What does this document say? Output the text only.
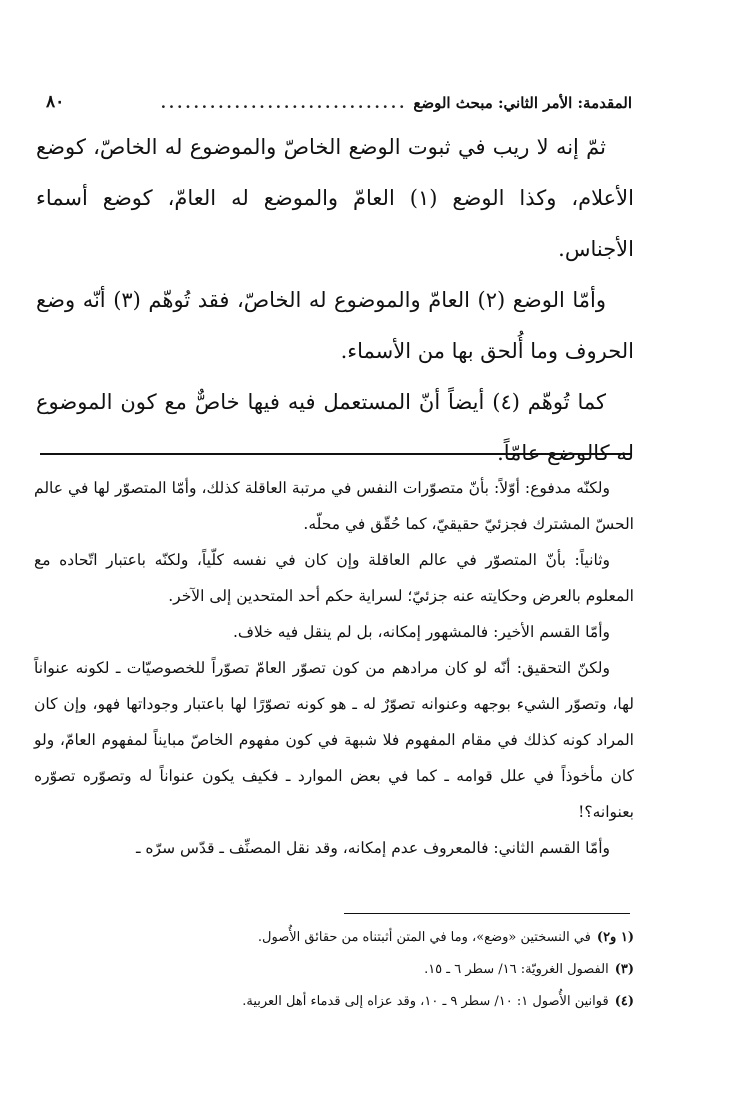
٨٠	.............................. المقدمة: الأمر الثاني: مبحث الوضع

ثمّ إنه لا ريب في ثبوت الوضع الخاصّ والموضوع له الخاصّ، كوضع الأعلام، وكذا الوضع (١) العامّ والموضع له العامّ، كوضع أسماء الأجناس.

وأمّا الوضع (٢) العامّ والموضوع له الخاصّ، فقد تُوهّم (٣) أنّه وضع الحروف وما أُلحق بها من الأسماء.

كما تُوهّم (٤) أيضاً أنّ المستعمل فيه فيها خاصٌّ مع كون الموضوع له كالوضع عامّاً.

ولكنّه مدفوع: أوّلاً: بأنّ متصوّرات النفس في مرتبة العاقلة كذلك، وأمّا المتصوّر لها في عالم الحسّ المشترك فجزئيّ حقيقيّ، كما حُقّق في محلّه.

وثانياً: بأنّ المتصوّر في عالم العاقلة وإن كان في نفسه كلّياً، ولكنّه باعتبار اتّحاده مع المعلوم بالعرض وحكايته عنه جزئيّ؛ لسراية حكم أحد المتحدين إلى الآخر.

وأمّا القسم الأخير: فالمشهور إمكانه، بل لم ينقل فيه خلاف.

ولكنّ التحقيق: أنّه لو كان مرادهم من كون تصوّر العامّ تصوّراً للخصوصيّات ـ لكونه عنواناً لها، وتصوّر الشيء بوجهه وعنوانه تصوّرٌ له ـ هو كونه تصوّرًا لها باعتبار وجوداتها فهو، وإن كان المراد كونه كذلك في مقام المفهوم فلا شبهة في كون مفهوم الخاصّ مبايناً لمفهوم العامّ، ولو كان مأخوذاً في علل قوامه ـ كما في بعض الموارد ـ فكيف يكون عنواناً له وتصوّره تصوّره بعنوانه؟!

وأمّا القسم الثاني: فالمعروف عدم إمكانه، وقد نقل المصنِّف ـ قدّس سرّه ـ

(١ و٢)في النسختين «وضع»، وما في المتن أثبتناه من حقائق الأُصول.

(٣)الفصول الغرويّة: ١٦/ سطر ٦ ـ ١٥.

(٤)قوانين الأُصول ١: ١٠/ سطر ٩ ـ ١٠، وقد عزاه إلى قدماء أهل العربية.
